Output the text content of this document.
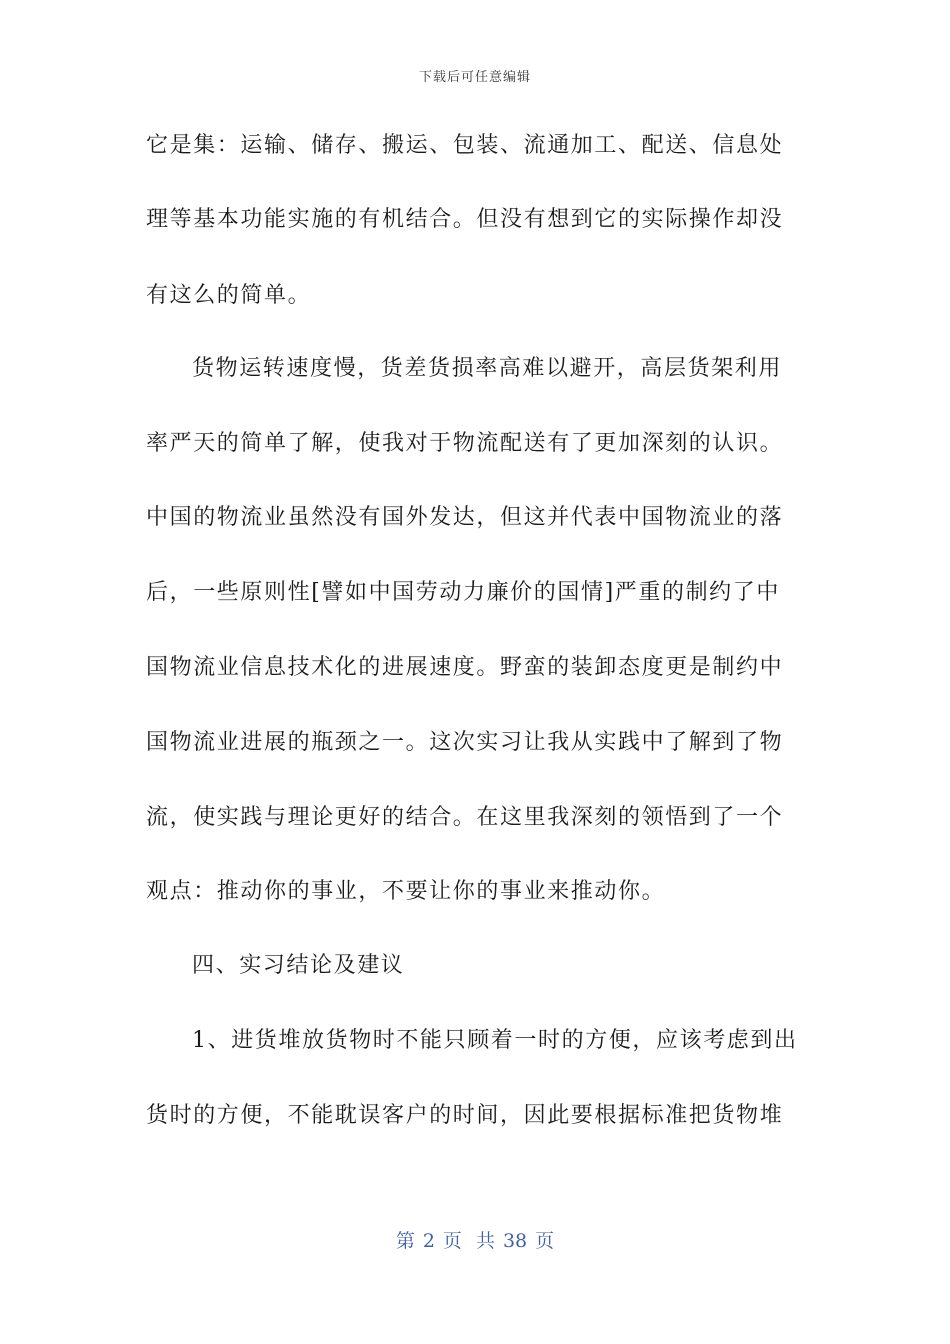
下载后可任意编辑
它是集：运输、储存、搬运、包装、流通加工、配送、信息处
理等基本功能实施的有机结合。但没有想到它的实际操作却没
有这么的简单。
货物运转速度慢，货差货损率高难以避开，高层货架利用
率严天的简单了解，使我对于物流配送有了更加深刻的认识。
中国的物流业虽然没有国外发达，但这并代表中国物流业的落
后，一些原则性[譬如中国劳动力廉价的国情]严重的制约了中
国物流业信息技术化的进展速度。野蛮的装卸态度更是制约中
国物流业进展的瓶颈之一。这次实习让我从实践中了解到了物
流，使实践与理论更好的结合。在这里我深刻的领悟到了一个
观点：推动你的事业，不要让你的事业来推动你。
四、实习结论及建议
1、进货堆放货物时不能只顾着一时的方便，应该考虑到出
货时的方便，不能耽误客户的时间，因此要根据标准把货物堆
第 2 页 共 38 页
